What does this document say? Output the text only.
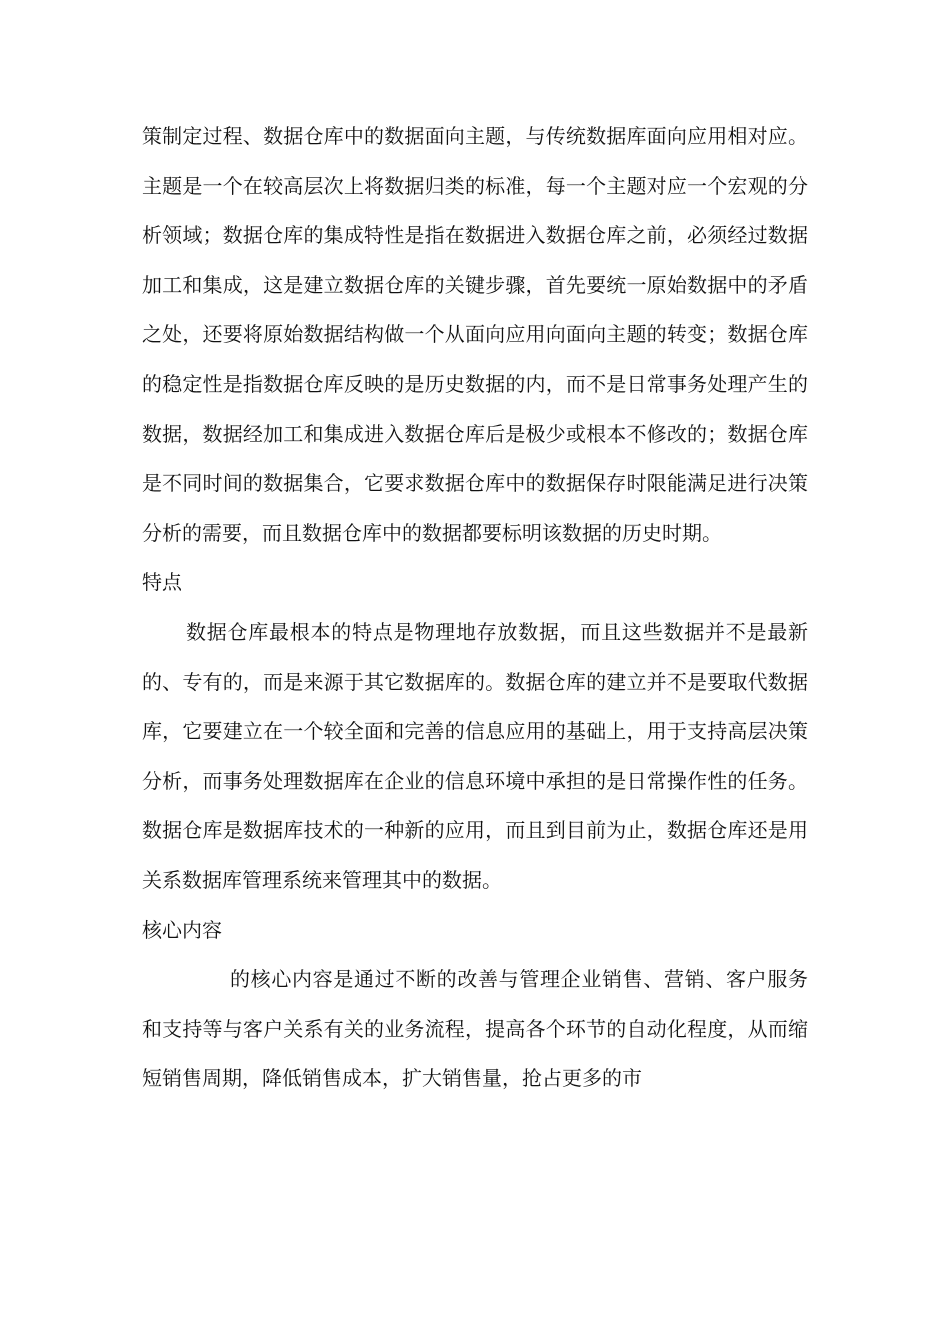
策制定过程、数据仓库中的数据面向主题，与传统数据库面向应用相对应。主题是一个在较高层次上将数据归类的标准，每一个主题对应一个宏观的分析领域；数据仓库的集成特性是指在数据进入数据仓库之前，必须经过数据加工和集成，这是建立数据仓库的关键步骤，首先要统一原始数据中的矛盾之处，还要将原始数据结构做一个从面向应用向面向主题的转变；数据仓库的稳定性是指数据仓库反映的是历史数据的内，而不是日常事务处理产生的数据，数据经加工和集成进入数据仓库后是极少或根本不修改的；数据仓库是不同时间的数据集合，它要求数据仓库中的数据保存时限能满足进行决策分析的需要，而且数据仓库中的数据都要标明该数据的历史时期。

特点

数据仓库最根本的特点是物理地存放数据，而且这些数据并不是最新的、专有的，而是来源于其它数据库的。数据仓库的建立并不是要取代数据库，它要建立在一个较全面和完善的信息应用的基础上，用于支持高层决策分析，而事务处理数据库在企业的信息环境中承担的是日常操作性的任务。数据仓库是数据库技术的一种新的应用，而且到目前为止，数据仓库还是用关系数据库管理系统来管理其中的数据。

核心内容

的核心内容是通过不断的改善与管理企业销售、营销、客户服务和支持等与客户关系有关的业务流程，提高各个环节的自动化程度，从而缩短销售周期，降低销售成本，扩大销售量，抢占更多的市
